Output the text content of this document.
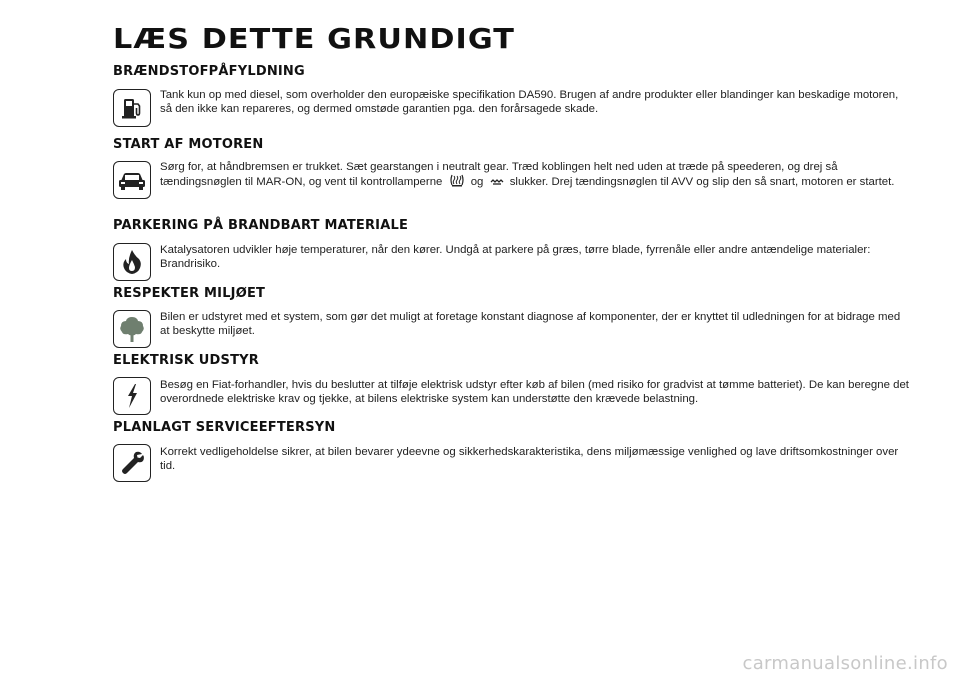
LÆS DETTE GRUNDIGT
BRÆNDSTOFPÅFYLDNING
Tank kun op med diesel, som overholder den europæiske specifikation DA590. Brugen af andre produkter eller blandinger kan beskadige motoren, så den ikke kan repareres, og dermed omstøde garantien pga. den forårsagede skade.
START AF MOTOREN
Sørg for, at håndbremsen er trukket. Sæt gearstangen i neutralt gear. Træd koblingen helt ned uden at træde på speederen, og drej så tændingsnøglen til MAR-ON, og vent til kontrollamperne og slukker. Drej tændingsnøglen til AVV og slip den så snart, motoren er startet.
PARKERING PÅ BRANDBART MATERIALE
Katalysatoren udvikler høje temperaturer, når den kører. Undgå at parkere på græs, tørre blade, fyrrenåle eller andre antændelige materialer: Brandrisiko.
RESPEKTER MILJØET
Bilen er udstyret med et system, som gør det muligt at foretage konstant diagnose af komponenter, der er knyttet til udledningen for at bidrage med at beskytte miljøet.
ELEKTRISK UDSTYR
Besøg en Fiat-forhandler, hvis du beslutter at tilføje elektrisk udstyr efter køb af bilen (med risiko for gradvist at tømme batteriet). De kan beregne det overordnede elektriske krav og tjekke, at bilens elektriske system kan understøtte den krævede belastning.
PLANLAGT SERVICEEFTERSYN
Korrekt vedligeholdelse sikrer, at bilen bevarer ydeevne og sikkerhedskarakteristika, dens miljømæssige venlighed og lave driftsomkostninger over tid.
carmanualsonline.info
